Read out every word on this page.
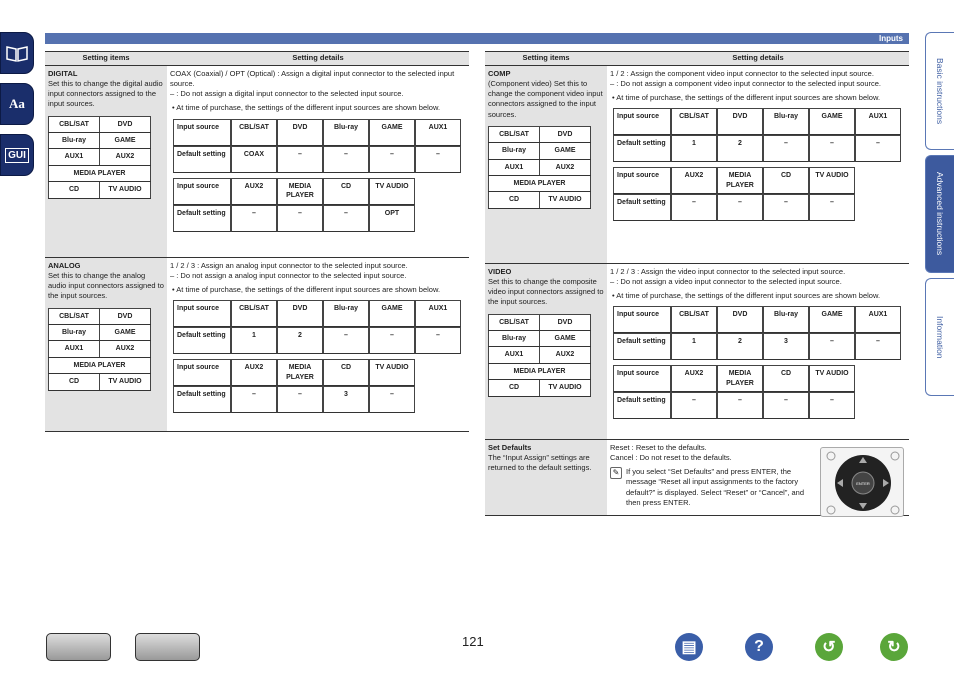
Inputs
Aa
GUI
Basic instructions
Advanced instructions
Information
Setting items	Setting details

DIGITAL
Set this to change the digital audio input connectors assigned to the input sources.
CBL/SAT	DVD
Blu-ray	GAME
AUX1	AUX2
MEDIA PLAYER
CD	TV AUDIO

COAX (Coaxial) / OPT (Optical) : Assign a digital input connector to the selected input source.
– : Do not assign a digital input connector to the selected input source.

• At time of purchase, the settings of the different input sources are shown below.

Input source	CBL/SAT	DVD	Blu-ray	GAME	AUX1
Default setting	COAX	–	–	–	–
Input source	AUX2	MEDIA PLAYER	CD	TV AUDIO
Default setting	–	–	–	OPT

ANALOG
Set this to change the analog audio input connectors assigned to the input sources.
CBL/SAT	DVD
Blu-ray	GAME
AUX1	AUX2
MEDIA PLAYER
CD	TV AUDIO

1 / 2 / 3 : Assign an analog input connector to the selected input source.
– : Do not assign a analog input connector to the selected input source.

• At time of purchase, the settings of the different input sources are shown below.

Input source	CBL/SAT	DVD	Blu-ray	GAME	AUX1
Default setting	1	2	–	–	–
Input source	AUX2	MEDIA PLAYER	CD	TV AUDIO
Default setting	–	–	3	–
Setting items	Setting details

COMP
(Component video) Set this to change the component video input connectors assigned to the input sources.
CBL/SAT	DVD
Blu-ray	GAME
AUX1	AUX2
MEDIA PLAYER
CD	TV AUDIO

1 / 2 : Assign the component video input connector to the selected input source.
– : Do not assign a component video input connector to the selected input source.

• At time of purchase, the settings of the different input sources are shown below.

Input source	CBL/SAT	DVD	Blu-ray	GAME	AUX1
Default setting	1	2	–	–	–
Input source	AUX2	MEDIA PLAYER	CD	TV AUDIO
Default setting	–	–	–	–

VIDEO
Set this to change the composite video input connectors assigned to the input sources.
CBL/SAT	DVD
Blu-ray	GAME
AUX1	AUX2
MEDIA PLAYER
CD	TV AUDIO

1 / 2 / 3 : Assign the video input connector to the selected input source.
– : Do not assign a video input connector to the selected input source.

• At time of purchase, the settings of the different input sources are shown below.

Input source	CBL/SAT	DVD	Blu-ray	GAME	AUX1
Default setting	1	2	3	–	–
Input source	AUX2	MEDIA PLAYER	CD	TV AUDIO
Default setting	–	–	–	–

Set Defaults
The “Input Assign” settings are returned to the default settings.	
Reset : Reset to the defaults.
Cancel : Do not reset to the defaults.
✎ If you select “Set Defaults” and press ENTER, the message “Reset all input assignments to the factory default?” is displayed. Select “Reset” or “Cancel”, and then press ENTER.
ENTER
121	▤	?	↺	↻
